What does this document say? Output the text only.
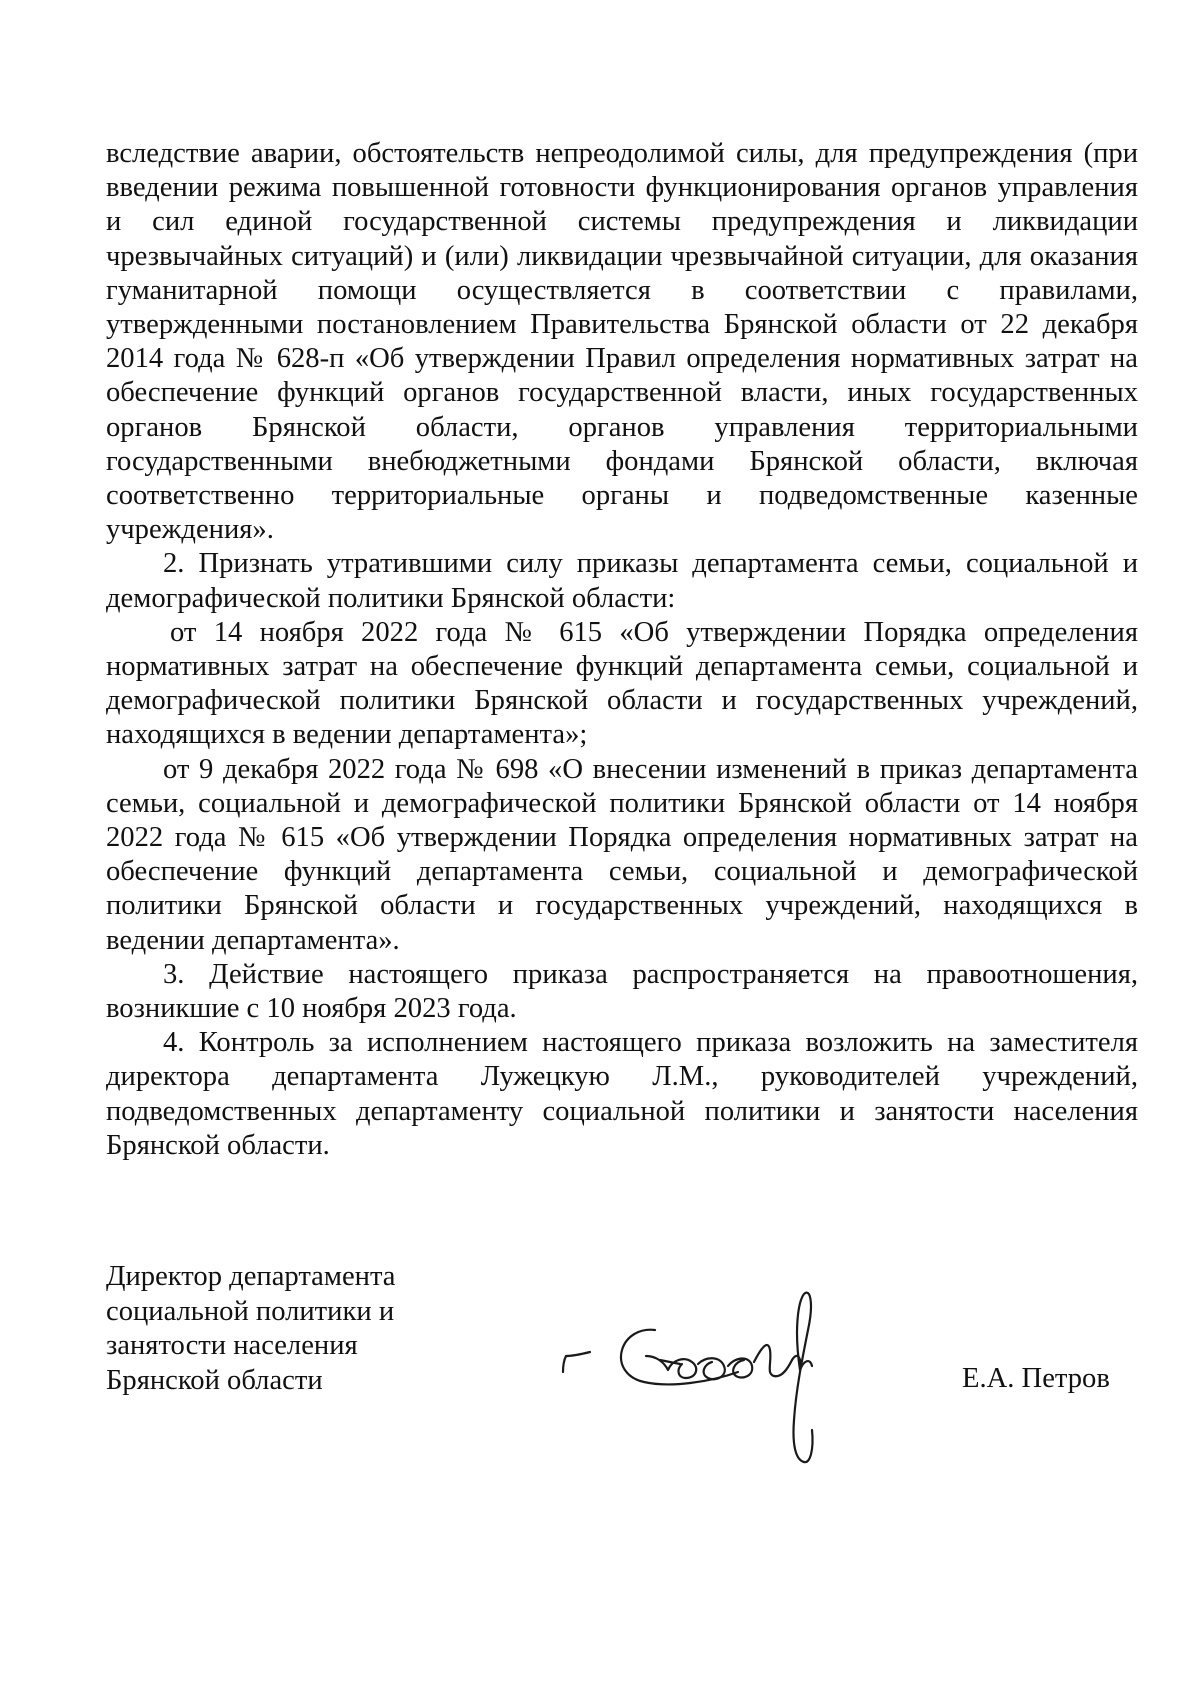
вследствие аварии, обстоятельств непреодолимой силы, для предупреждения (при введении режима повышенной готовности функционирования органов управления и сил единой государственной системы предупреждения и ликвидации чрезвычайных ситуаций) и (или) ликвидации чрезвычайной ситуации, для оказания гуманитарной помощи осуществляется в соответствии с правилами, утвержденными постановлением Правительства Брянской области от 22 декабря 2014 года № 628-п «Об утверждении Правил определения нормативных затрат на обеспечение функций органов государственной власти, иных государственных органов Брянской области, органов управления территориальными государственными внебюджетными фондами Брянской области, включая соответственно территориальные органы и подведомственные казенные учреждения».

2. Признать утратившими силу приказы департамента семьи, социальной и демографической политики Брянской области:

от 14 ноября 2022 года № 615 «Об утверждении Порядка определения нормативных затрат на обеспечение функций департамента семьи, социальной и демографической политики Брянской области и государственных учреждений, находящихся в ведении департамента»;

от 9 декабря 2022 года № 698 «О внесении изменений в приказ департамента семьи, социальной и демографической политики Брянской области от 14 ноября 2022 года № 615 «Об утверждении Порядка определения нормативных затрат на обеспечение функций департамента семьи, социальной и демографической политики Брянской области и государственных учреждений, находящихся в ведении департамента».

3. Действие настоящего приказа распространяется на правоотношения, возникшие с 10 ноября 2023 года.

4. Контроль за исполнением настоящего приказа возложить на заместителя директора департамента Лужецкую Л.М., руководителей учреждений, подведомственных департаменту социальной политики и занятости населения Брянской области.

Директор департамента
социальной политики и
занятости населения
Брянской области	Е.А. Петров
